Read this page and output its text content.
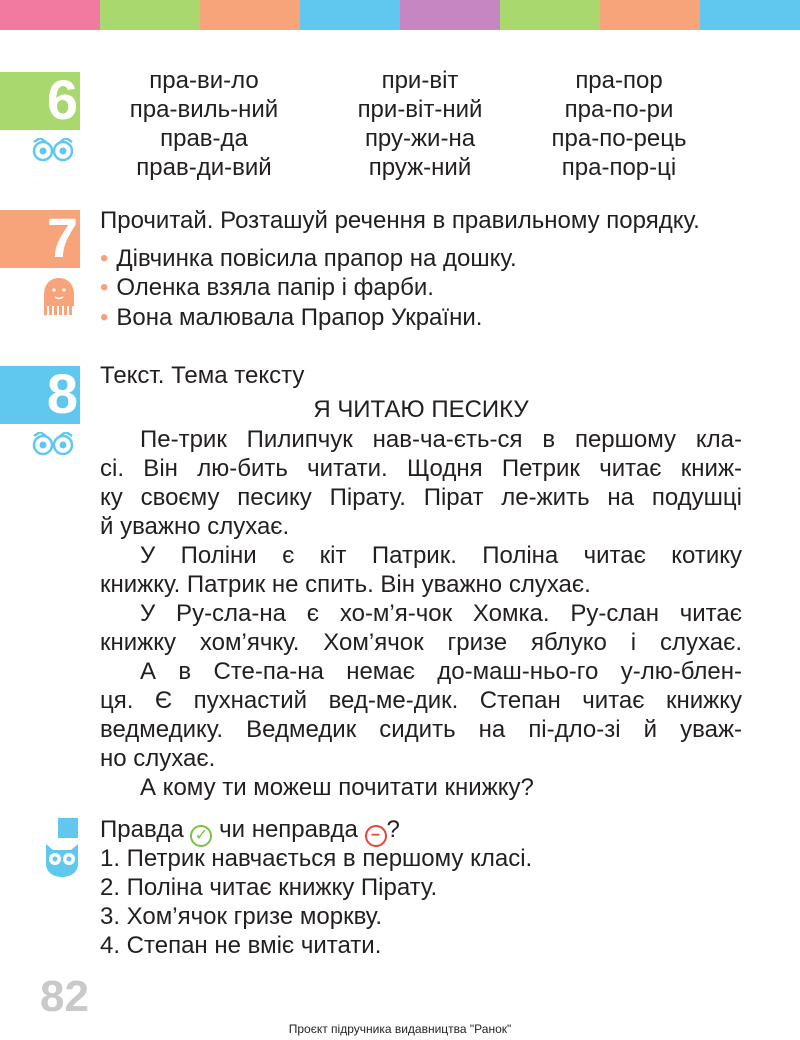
6	пра-ви-ло
пра-виль-ний
прав-да
прав-ди-вий
при-віт
при-віт-ний
пру-жи-на
пруж-ний
пра-пор
пра-по-ри
пра-по-рець
пра-пор-ці
7 Прочитай. Розташуй речення в правильному порядку.
• Дівчинка повісила прапор на дошку.
• Оленка взяла папір і фарби.
• Вона малювала Прапор України.
8 Текст. Тема тексту
Я ЧИТАЮ ПЕСИКУ
Пе-трик Пилипчук нав-ча-єть-ся в першому кла-
сі. Він лю-бить читати. Щодня Петрик читає книж-
ку своєму песику Пірату. Пірат ле-жить на подушці
й уважно слухає.
У Поліни є кіт Патрик. Поліна читає котику
книжку. Патрик не спить. Він уважно слухає.
У Ру-сла-на є хо-м’я-чок Хомка. Ру-слан читає
книжку хом’ячку. Хом’ячок гризе яблуко і слухає.
А в Сте-па-на немає до-маш-ньо-го у-лю-блен-
ця. Є пухнастий вед-ме-дик. Степан читає книжку
ведмедику. Ведмедик сидить на пі-дло-зі й уваж-
но слухає.
А кому ти можеш почитати книжку?
Правда ✓ чи неправда − ?
1. Петрик навчається в першому класі.
2. Поліна читає книжку Пірату.
3. Хом’ячок гризе моркву.
4. Степан не вміє читати.
82
Проєкт підручника видавництва "Ранок"
